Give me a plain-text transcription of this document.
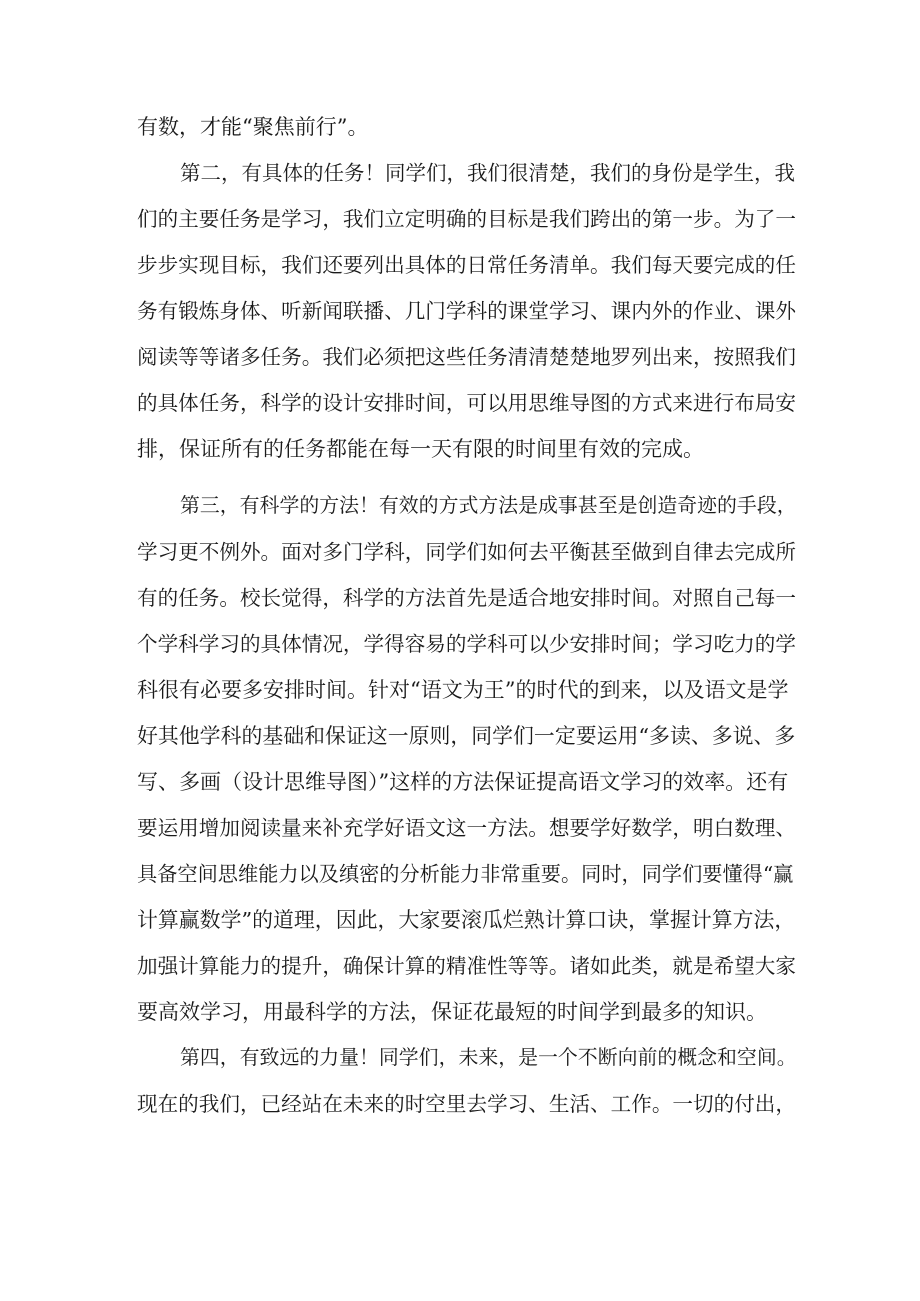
有数，才能“聚焦前行”。
第二，有具体的任务！同学们，我们很清楚，我们的身份是学生，我
们的主要任务是学习，我们立定明确的目标是我们跨出的第一步。为了一
步步实现目标，我们还要列出具体的日常任务清单。我们每天要完成的任
务有锻炼身体、听新闻联播、几门学科的课堂学习、课内外的作业、课外
阅读等等诸多任务。我们必须把这些任务清清楚楚地罗列出来，按照我们
的具体任务，科学的设计安排时间，可以用思维导图的方式来进行布局安
排，保证所有的任务都能在每一天有限的时间里有效的完成。
第三，有科学的方法！有效的方式方法是成事甚至是创造奇迹的手段，
学习更不例外。面对多门学科，同学们如何去平衡甚至做到自律去完成所
有的任务。校长觉得，科学的方法首先是适合地安排时间。对照自己每一
个学科学习的具体情况，学得容易的学科可以少安排时间；学习吃力的学
科很有必要多安排时间。针对“语文为王”的时代的到来，以及语文是学
好其他学科的基础和保证这一原则，同学们一定要运用“多读、多说、多
写、多画（设计思维导图）”这样的方法保证提高语文学习的效率。还有
要运用增加阅读量来补充学好语文这一方法。想要学好数学，明白数理、
具备空间思维能力以及缜密的分析能力非常重要。同时，同学们要懂得“赢
计算赢数学”的道理，因此，大家要滚瓜烂熟计算口诀，掌握计算方法，
加强计算能力的提升，确保计算的精准性等等。诸如此类，就是希望大家
要高效学习，用最科学的方法，保证花最短的时间学到最多的知识。
第四，有致远的力量！同学们，未来，是一个不断向前的概念和空间。
现在的我们，已经站在未来的时空里去学习、生活、工作。一切的付出，
